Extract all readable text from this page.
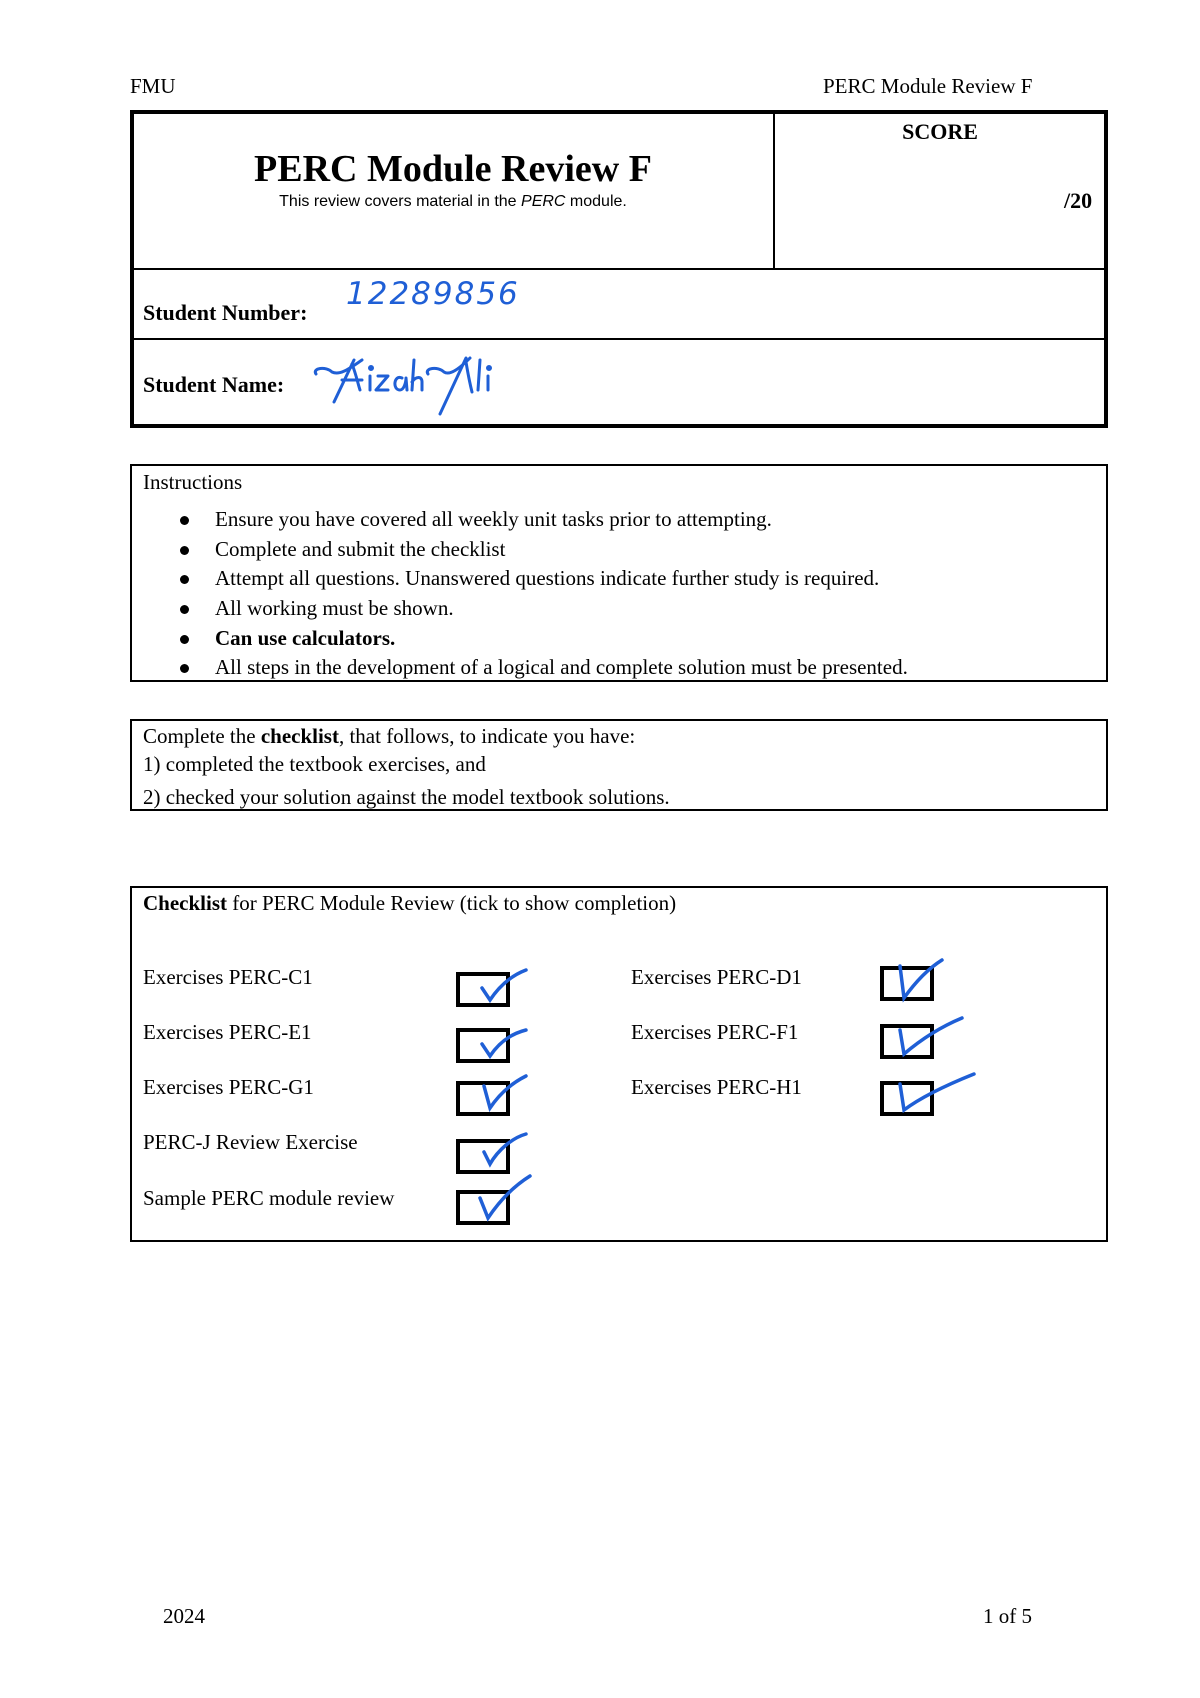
FMU	PERC Module Review F
PERC Module Review F
This review covers material in the PERC module.
SCORE
/20
Student Number:
12289856
Student Name:
Instructions
Ensure you have covered all weekly unit tasks prior to attempting.
Complete and submit the checklist
Attempt all questions. Unanswered questions indicate further study is required.
All working must be shown.
Can use calculators.
All steps in the development of a logical and complete solution must be presented.
Complete the checklist, that follows, to indicate you have:
1) completed the textbook exercises, and
2) checked your solution against the model textbook solutions.
Checklist for PERC Module Review (tick to show completion)
Exercises PERC-C1
Exercises PERC-E1
Exercises PERC-G1
PERC-J Review Exercise
Sample PERC module review
Exercises PERC-D1
Exercises PERC-F1
Exercises PERC-H1
2024	1 of 5
